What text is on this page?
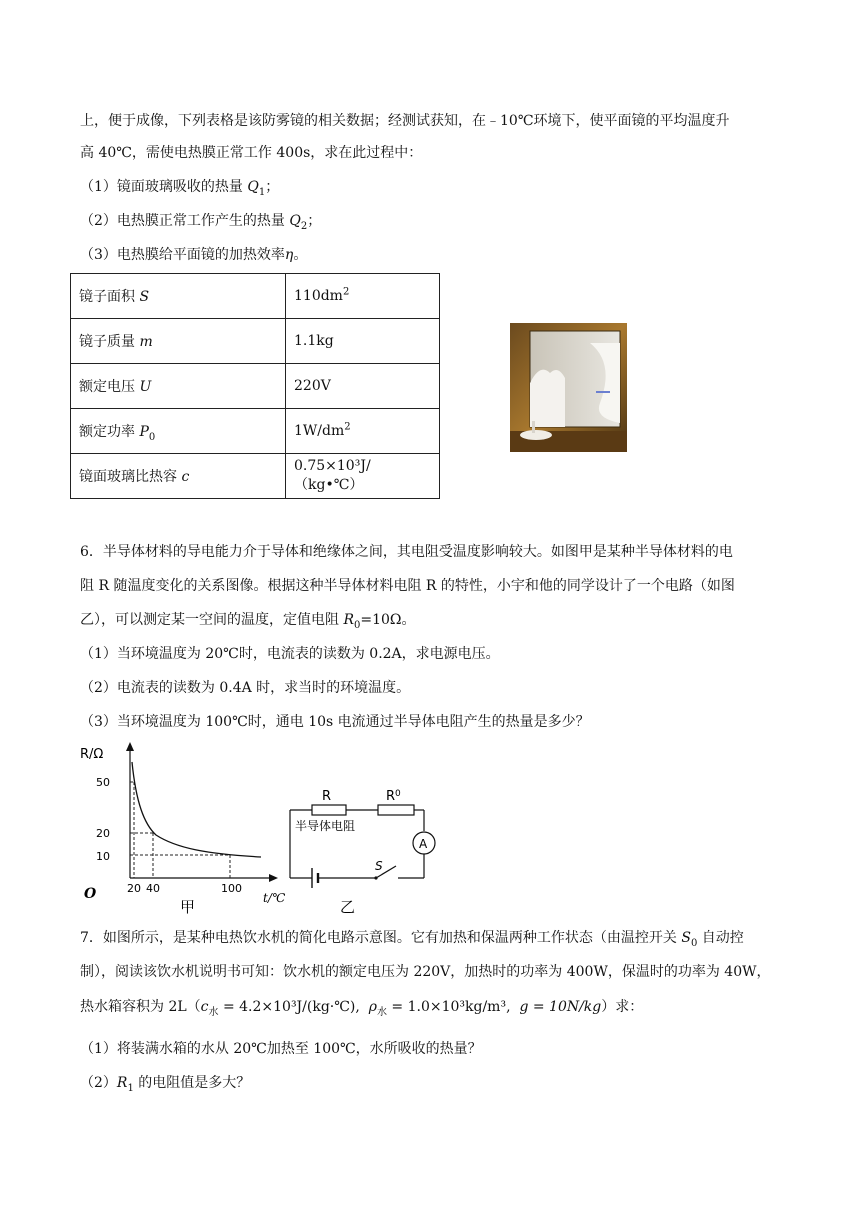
上，便于成像，下列表格是该防雾镜的相关数据；经测试获知，在﹣10℃环境下，使平面镜的平均温度升
高 40℃，需使电热膜正常工作 400s，求在此过程中：
（1）镜面玻璃吸收的热量 $Q_1$；
（2）电热膜正常工作产生的热量 $Q_2$；
（3）电热膜给平面镜的加热效率η。
镜子面积 S	$110dm^2$
镜子质量 m	1.1kg
额定电压 U	220V
额定功率 $P_0$	$1W/dm^2$
镜面玻璃比热容 c	0.75×10³J/（kg•℃）
6．半导体材料的导电能力介于导体和绝缘体之间，其电阻受温度影响较大。如图甲是某种半导体材料的电
阻 R 随温度变化的关系图像。根据这种半导体材料电阻 R 的特性，小宇和他的同学设计了一个电路（如图
乙），可以测定某一空间的温度，定值电阻 $R_0=10\Omega$。
（1）当环境温度为 20℃时，电流表的读数为 0.2A，求电源电压。
（2）电流表的读数为 0.4A 时，求当时的环境温度。
（3）当环境温度为 100℃时，通电 10s 电流通过半导体电阻产生的热量是多少？
R/Ω
t/℃
O
50
20
10
20 40	100
甲
A
R	$R^0$
半导体电阻
S
乙
7．如图所示，是某种电热饮水机的简化电路示意图。它有加热和保温两种工作状态（由温控开关 $S_0$ 自动控
制），阅读该饮水机说明书可知：饮水机的额定电压为 220V，加热时的功率为 400W，保温时的功率为 40W，
热水箱容积为 $2L(c_水$ = 4.2×10³J/(kg·℃),  $\rho_水 = 1.0\times 10^3kg/m^3$,  g = 10N/kg）求：
（1）将装满水箱的水从 20℃加热至 100℃，水所吸收的热量？
$(2)R_1$ 的电阻值是多大？
